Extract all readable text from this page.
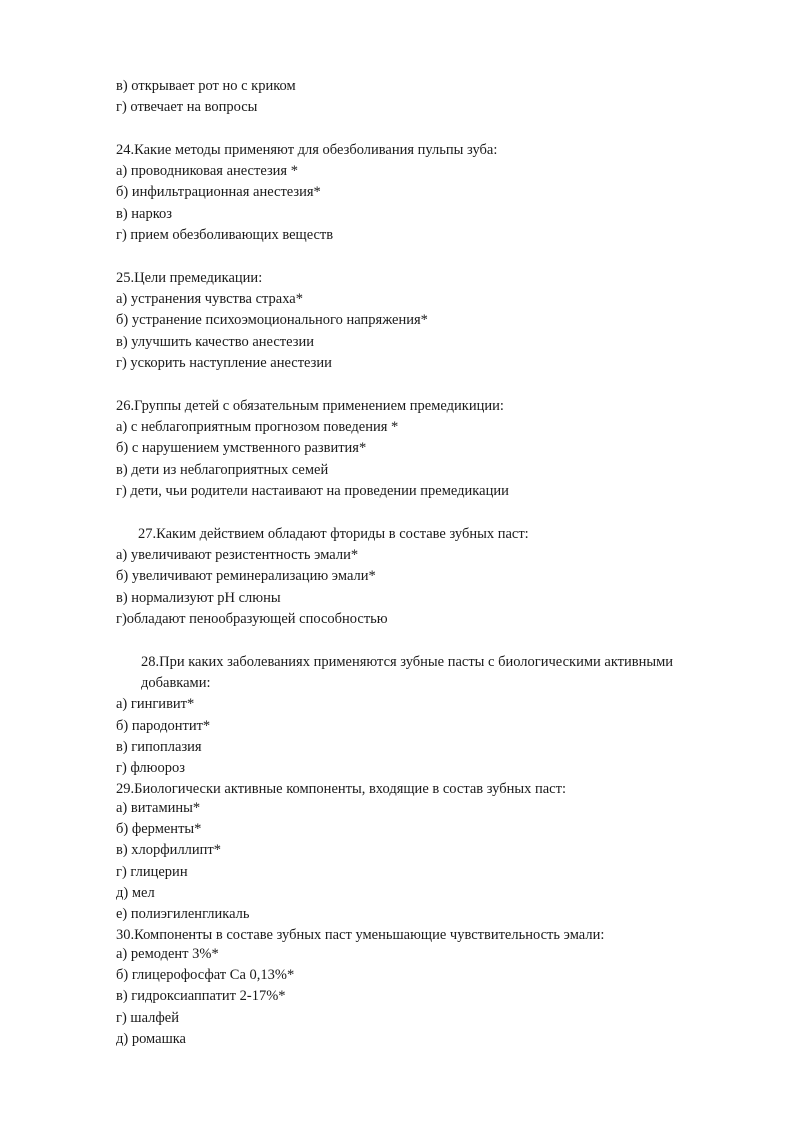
в) открывает рот но с криком
г) отвечает на вопросы
24.Какие методы применяют для обезболивания пульпы зуба:
а) проводниковая анестезия *
б) инфильтрационная анестезия*
в) наркоз
г) прием обезболивающих веществ
25.Цели премедикации:
а) устранения чувства страха*
б) устранение психоэмоционального напряжения*
в) улучшить качество анестезии
г) ускорить наступление анестезии
26.Группы детей с обязательным применением премедикиции:
а) с неблагоприятным прогнозом поведения *
б) с нарушением умственного развития*
в) дети из неблагоприятных семей
г) дети, чьи родители настаивают на проведении премедикации
27.Каким действием обладают фториды в составе зубных паст:
а) увеличивают резистентность эмали*
б) увеличивают реминерализацию эмали*
в) нормализуют рН слюны
г)обладают пенообразующей способностью
28.При каких заболеваниях применяются зубные пасты с биологическими активными
добавками:
а) гингивит*
б) пародонтит*
в) гипоплазия
г) флюороз
29.Биологически активные компоненты, входящие в состав зубных паст:
а) витамины*
б) ферменты*
в) хлорфиллипт*
г) глицерин
д) мел
е) полиэгиленгликаль
30.Компоненты в составе зубных паст уменьшающие чувствительность эмали:
а) ремодент 3%*
б) глицерофосфат Са 0,13%*
в) гидроксиаппатит 2-17%*
г) шалфей
д) ромашка
